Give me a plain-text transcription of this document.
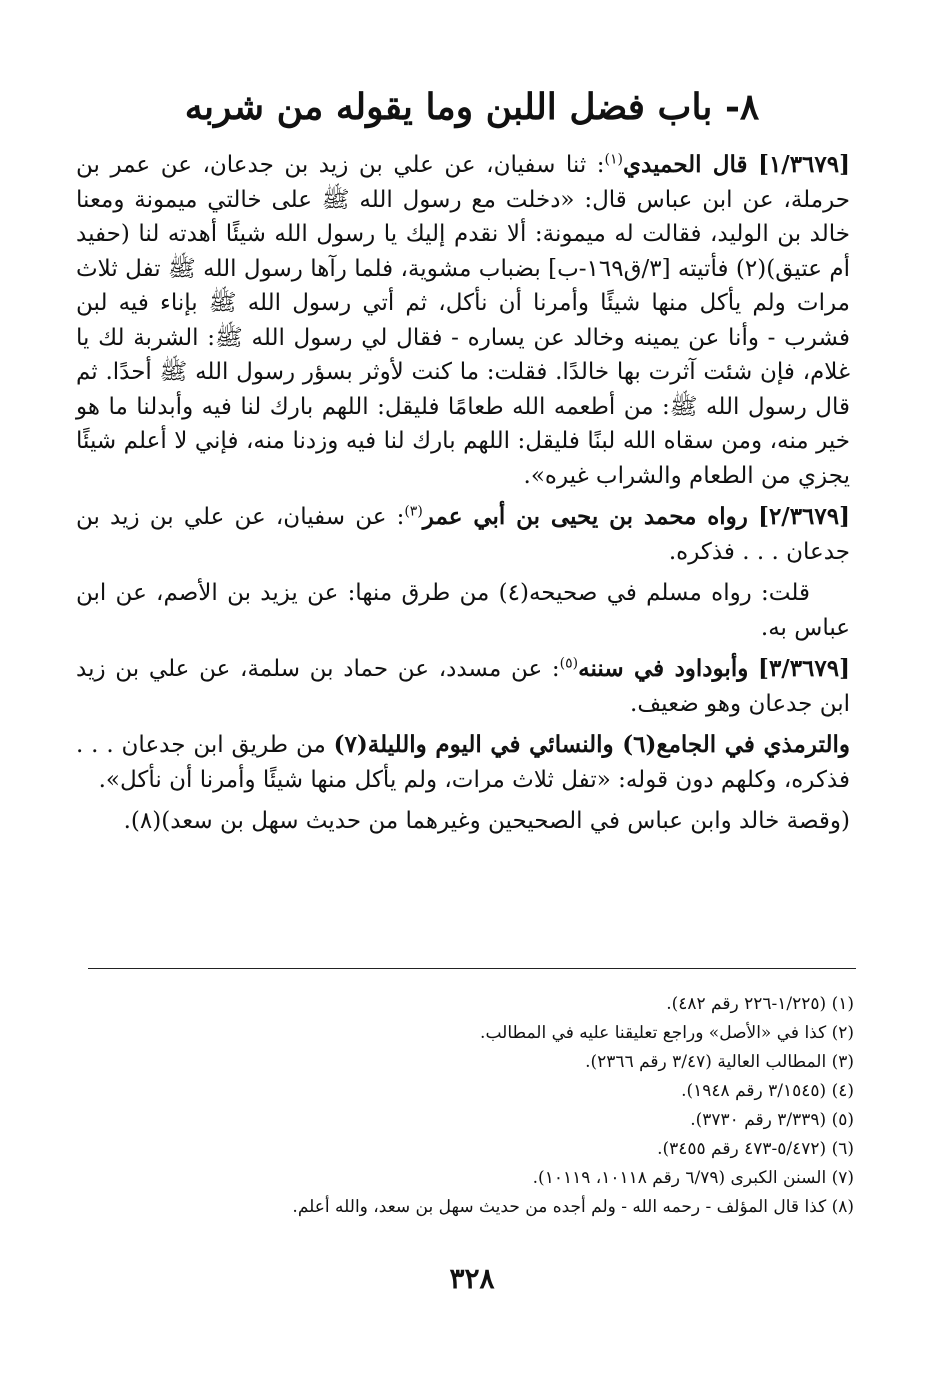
٨- باب فضل اللبن وما يقوله من شربه

[١/٣٦٧٩] قال الحميدي$^{(١)}$: ثنا سفيان، عن علي بن زيد بن جدعان، عن عمر بن حرملة، عن ابن عباس قال: «دخلت مع رسول الله ﷺ على خالتي ميمونة ومعنا خالد بن الوليد، فقالت له ميمونة: ألا نقدم إليك يا رسول الله شيئًا أهدته لنا (حفيد أم عتيق)(٢) فأتيته [٣/ق١٦٩-ب] بضباب مشوية، فلما رآها رسول الله ﷺ تفل ثلاث مرات ولم يأكل منها شيئًا وأمرنا أن نأكل، ثم أتي رسول الله ﷺ بإناء فيه لبن فشرب - وأنا عن يمينه وخالد عن يساره - فقال لي رسول الله ﷺ: الشربة لك يا غلام، فإن شئت آثرت بها خالدًا. فقلت: ما كنت لأوثر بسؤر رسول الله ﷺ أحدًا. ثم قال رسول الله ﷺ: من أطعمه الله طعامًا فليقل: اللهم بارك لنا فيه وأبدلنا ما هو خير منه، ومن سقاه الله لبنًا فليقل: اللهم بارك لنا فيه وزدنا منه، فإني لا أعلم شيئًا يجزي من الطعام والشراب غيره».

[٢/٣٦٧٩] رواه محمد بن يحيى بن أبي عمر$^{(٣)}$: عن سفيان، عن علي بن زيد بن جدعان . . . فذكره.

قلت: رواه مسلم في صحيحه(٤) من طرق منها: عن يزيد بن الأصم، عن ابن عباس به.

[٣/٣٦٧٩] وأبوداود في سننه$^{(٥)}$: عن مسدد، عن حماد بن سلمة، عن علي بن زيد ابن جدعان وهو ضعيف.

والترمذي في الجامع(٦) والنسائي في اليوم والليلة(٧) من طريق ابن جدعان . . . فذكره، وكلهم دون قوله: «تفل ثلاث مرات، ولم يأكل منها شيئًا وأمرنا أن نأكل».

(وقصة خالد وابن عباس في الصحيحين وغيرهما من حديث سهل بن سعد)(٨).

(١) (١/٢٢٥-٢٢٦ رقم ٤٨٢).
(٢) كذا في «الأصل» وراجع تعليقنا عليه في المطالب.
(٣) المطالب العالية (٣/٤٧ رقم ٢٣٦٦).
(٤) (٣/١٥٤٥ رقم ١٩٤٨).
(٥) (٣/٣٣٩ رقم ٣٧٣٠).
(٦) (٥/٤٧٢-٤٧٣ رقم ٣٤٥٥).
(٧) السنن الكبرى (٦/٧٩ رقم ١٠١١٨، ١٠١١٩).
(٨) كذا قال المؤلف - رحمه الله - ولم أجده من حديث سهل بن سعد، والله أعلم.
٣٢٨
